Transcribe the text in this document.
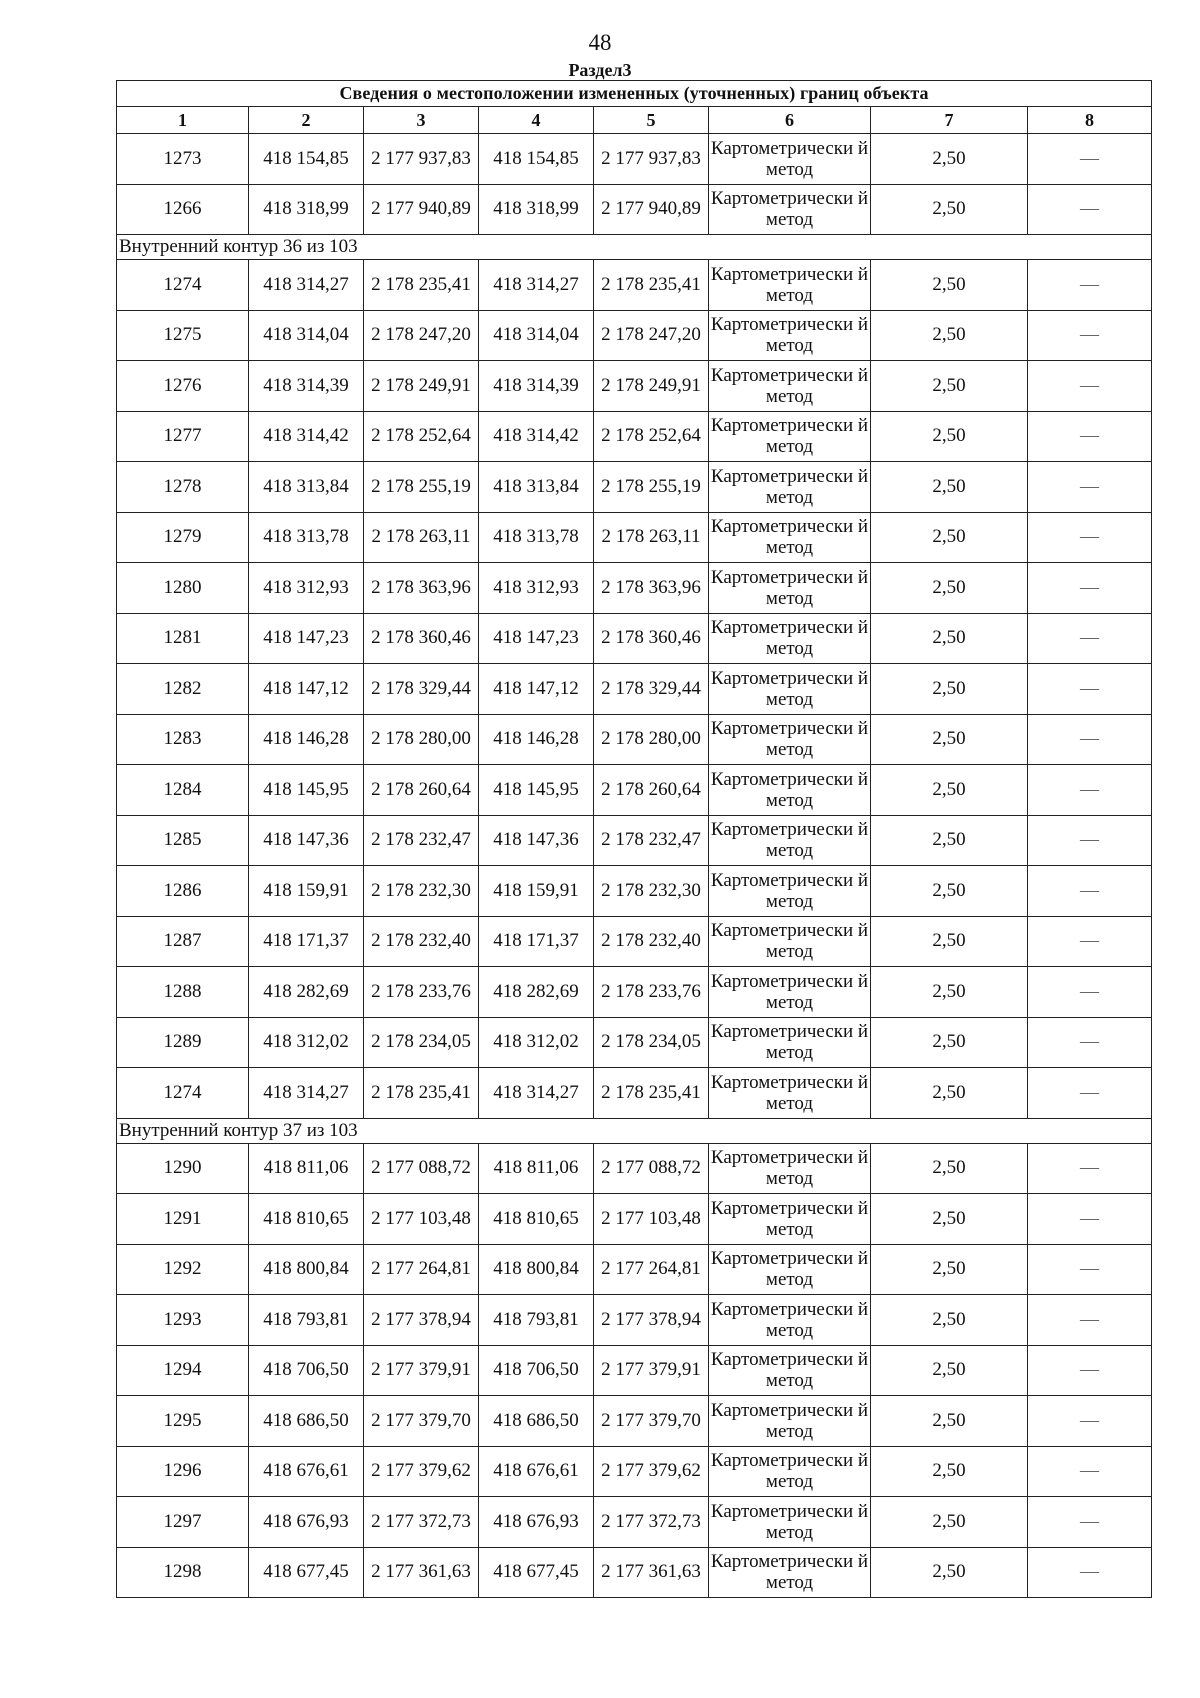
48
Раздел3
Сведения о местоположении измененных (уточненных) границ объекта							
1	2	3	4	5	6	7	8
1273	418 154,85	2 177 937,83	418 154,85	2 177 937,83	Картометрически й метод	2,50	—
1266	418 318,99	2 177 940,89	418 318,99	2 177 940,89	Картометрически й метод	2,50	—
Внутренний контур 36 из 103							
1274	418 314,27	2 178 235,41	418 314,27	2 178 235,41	Картометрически й метод	2,50	—
1275	418 314,04	2 178 247,20	418 314,04	2 178 247,20	Картометрически й метод	2,50	—
1276	418 314,39	2 178 249,91	418 314,39	2 178 249,91	Картометрически й метод	2,50	—
1277	418 314,42	2 178 252,64	418 314,42	2 178 252,64	Картометрически й метод	2,50	—
1278	418 313,84	2 178 255,19	418 313,84	2 178 255,19	Картометрически й метод	2,50	—
1279	418 313,78	2 178 263,11	418 313,78	2 178 263,11	Картометрически й метод	2,50	—
1280	418 312,93	2 178 363,96	418 312,93	2 178 363,96	Картометрически й метод	2,50	—
1281	418 147,23	2 178 360,46	418 147,23	2 178 360,46	Картометрически й метод	2,50	—
1282	418 147,12	2 178 329,44	418 147,12	2 178 329,44	Картометрически й метод	2,50	—
1283	418 146,28	2 178 280,00	418 146,28	2 178 280,00	Картометрически й метод	2,50	—
1284	418 145,95	2 178 260,64	418 145,95	2 178 260,64	Картометрически й метод	2,50	—
1285	418 147,36	2 178 232,47	418 147,36	2 178 232,47	Картометрически й метод	2,50	—
1286	418 159,91	2 178 232,30	418 159,91	2 178 232,30	Картометрически й метод	2,50	—
1287	418 171,37	2 178 232,40	418 171,37	2 178 232,40	Картометрически й метод	2,50	—
1288	418 282,69	2 178 233,76	418 282,69	2 178 233,76	Картометрически й метод	2,50	—
1289	418 312,02	2 178 234,05	418 312,02	2 178 234,05	Картометрически й метод	2,50	—
1274	418 314,27	2 178 235,41	418 314,27	2 178 235,41	Картометрически й метод	2,50	—
Внутренний контур 37 из 103							
1290	418 811,06	2 177 088,72	418 811,06	2 177 088,72	Картометрически й метод	2,50	—
1291	418 810,65	2 177 103,48	418 810,65	2 177 103,48	Картометрически й метод	2,50	—
1292	418 800,84	2 177 264,81	418 800,84	2 177 264,81	Картометрически й метод	2,50	—
1293	418 793,81	2 177 378,94	418 793,81	2 177 378,94	Картометрически й метод	2,50	—
1294	418 706,50	2 177 379,91	418 706,50	2 177 379,91	Картометрически й метод	2,50	—
1295	418 686,50	2 177 379,70	418 686,50	2 177 379,70	Картометрически й метод	2,50	—
1296	418 676,61	2 177 379,62	418 676,61	2 177 379,62	Картометрически й метод	2,50	—
1297	418 676,93	2 177 372,73	418 676,93	2 177 372,73	Картометрически й метод	2,50	—
1298	418 677,45	2 177 361,63	418 677,45	2 177 361,63	Картометрически й метод	2,50	—
